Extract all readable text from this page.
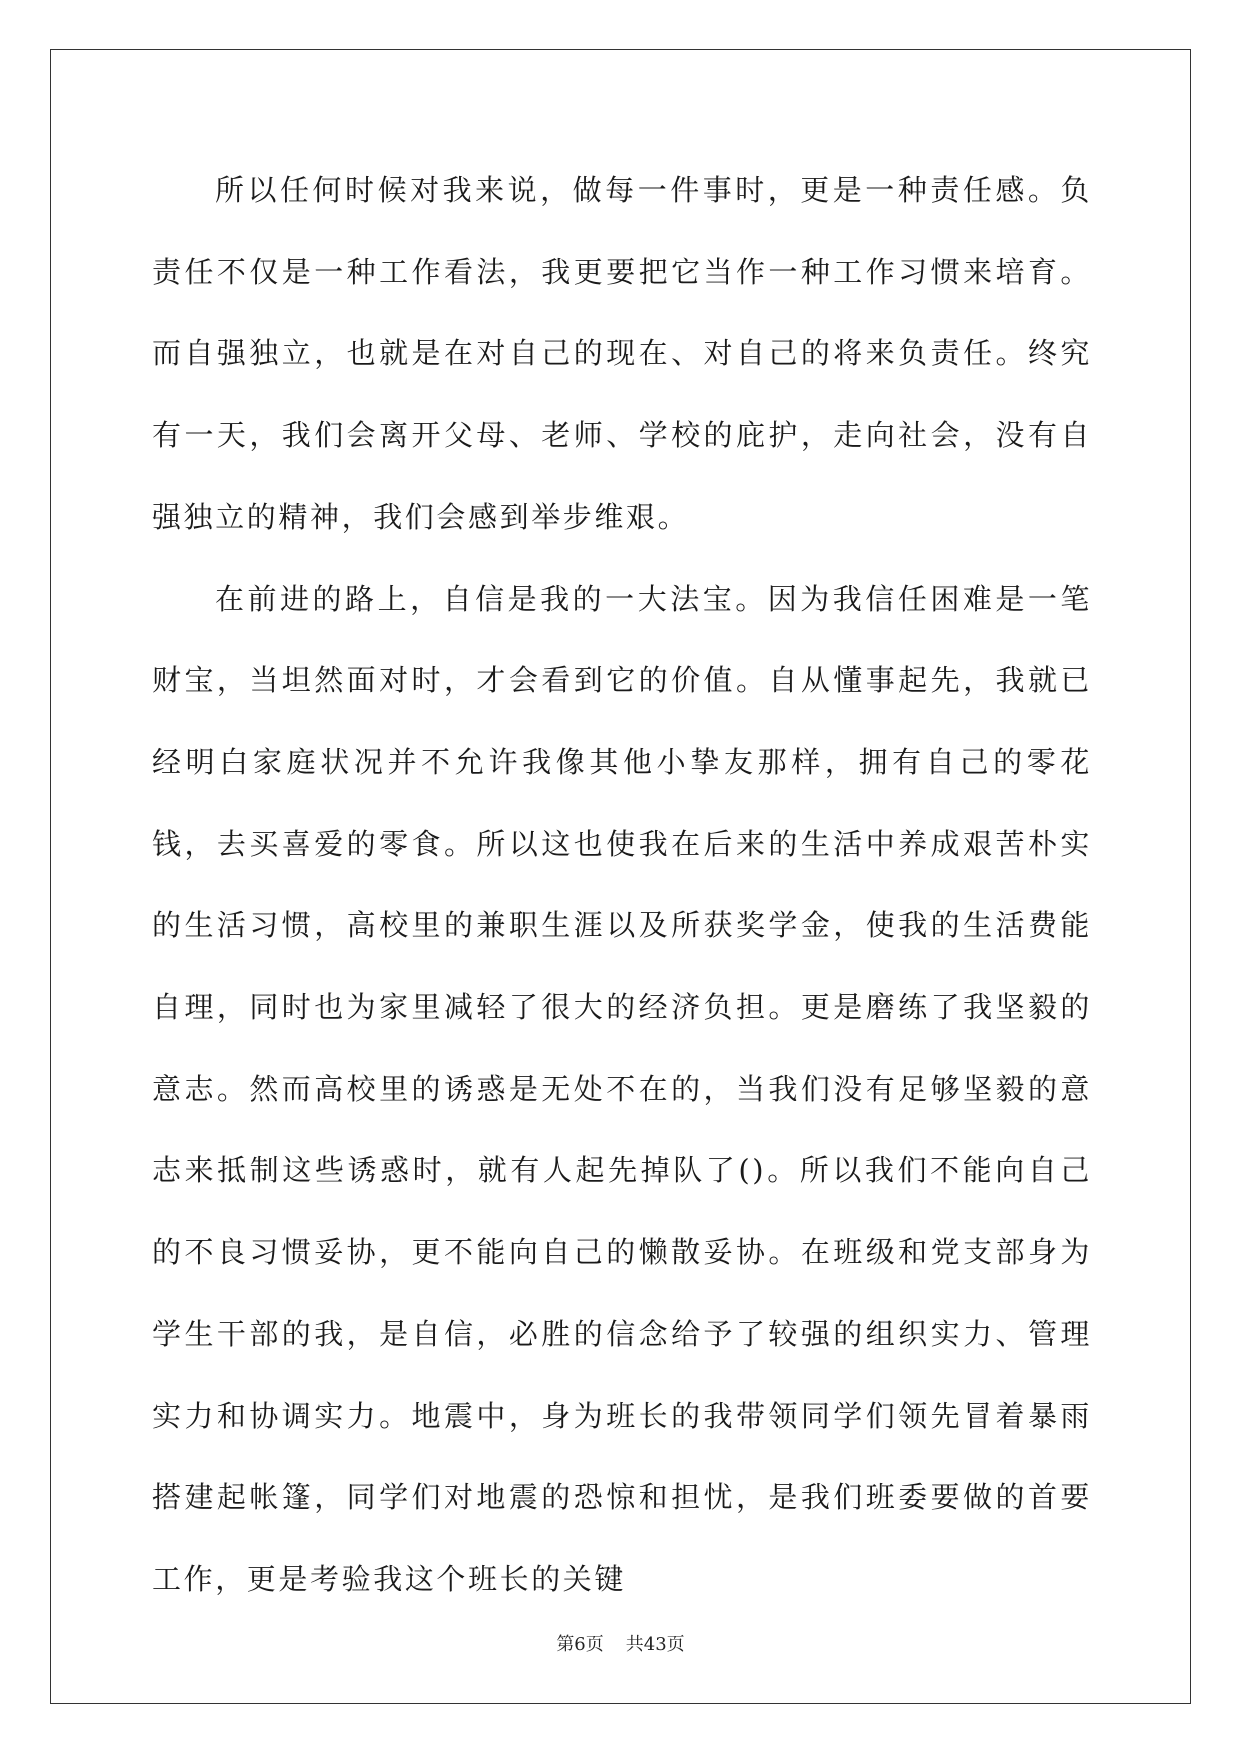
所以任何时候对我来说，做每一件事时，更是一种责任感。负责任不仅是一种工作看法，我更要把它当作一种工作习惯来培育。而自强独立，也就是在对自己的现在、对自己的将来负责任。终究有一天，我们会离开父母、老师、学校的庇护，走向社会，没有自强独立的精神，我们会感到举步维艰。

在前进的路上，自信是我的一大法宝。因为我信任困难是一笔财宝，当坦然面对时，才会看到它的价值。自从懂事起先，我就已经明白家庭状况并不允许我像其他小挚友那样，拥有自己的零花钱，去买喜爱的零食。所以这也使我在后来的生活中养成艰苦朴实的生活习惯，高校里的兼职生涯以及所获奖学金，使我的生活费能自理，同时也为家里减轻了很大的经济负担。更是磨练了我坚毅的意志。然而高校里的诱惑是无处不在的，当我们没有足够坚毅的意志来抵制这些诱惑时，就有人起先掉队了()。所以我们不能向自己的不良习惯妥协，更不能向自己的懒散妥协。在班级和党支部身为学生干部的我，是自信，必胜的信念给予了较强的组织实力、管理实力和协调实力。地震中，身为班长的我带领同学们领先冒着暴雨搭建起帐篷，同学们对地震的恐惊和担忧，是我们班委要做的首要工作，更是考验我这个班长的关键

第6页 共43页
